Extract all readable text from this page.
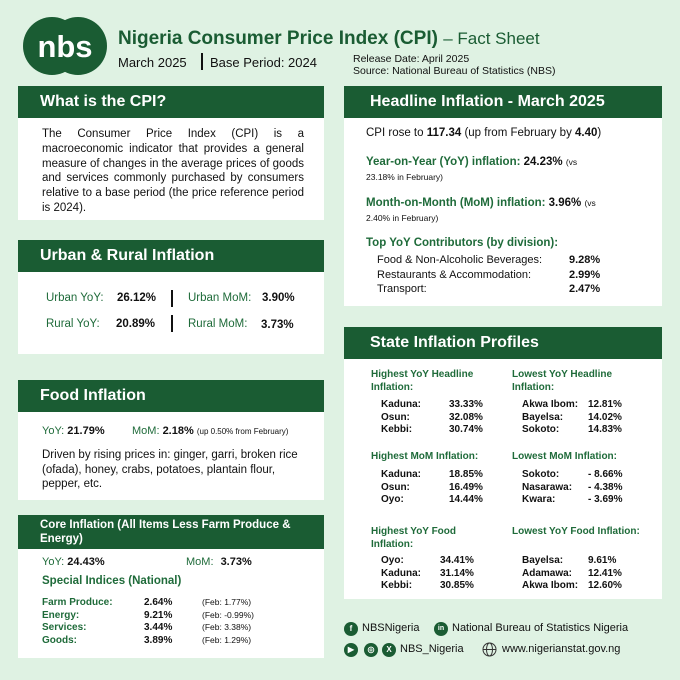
nbs Nigeria Consumer Price Index (CPI) – Fact Sheet
March 2025 Base Period: 2024	Release Date: April 2025
Source: National Bureau of Statistics (NBS)
What is the CPI?
The Consumer Price Index (CPI) is a macroeconomic indicator that provides a general measure of changes in the average prices of goods and services commonly purchased by consumers relative to a base period (the price reference period is 2024).
Urban & Rural Inflation
Urban YoY: 26.12%	Urban MoM: 3.90%
Rural YoY: 20.89%	Rural MoM: 3.73%
Food Inflation
YoY: 21.79% MoM: 2.18% (up 0.50% from February)
Driven by rising prices in: ginger, garri, broken rice (ofada), honey, crabs, potatoes, plantain flour, pepper, etc.
Core Inflation (All Items Less Farm Produce & Energy)
YoY: 24.43%	MoM: 3.73%
Special Indices (National)
Farm Produce:	2.64%	(Feb: 1.77%)
Energy:	9.21%	(Feb: -0.99%)
Services:	3.44%	(Feb: 3.38%)
Goods:	3.89%	(Feb: 1.29%)
Headline Inflation - March 2025
CPI rose to 117.34 (up from February by 4.40)
Year-on-Year (YoY) inflation: 24.23% (vs
23.18% in February)
Month-on-Month (MoM) inflation: 3.96% (vs
2.40% in February)
Top YoY Contributors (by division):
Food & Non-Alcoholic Beverages: 9.28%
Restaurants & Accommodation:	2.99%
Transport:	2.47%
State Inflation Profiles
Highest YoY Headline Inflation:
Kaduna:	33.33%
Osun:	32.08%
Kebbi:	30.74%
Lowest YoY Headline Inflation:
Akwa Ibom: 12.81%
Bayelsa: 14.02%
Sokoto:	14.83%
Highest MoM Inflation:
Kaduna:	18.85%
Osun:	16.49%
Oyo:	14.44%
Lowest MoM Inflation:
Sokoto:	- 8.66%
Nasarawa: - 4.38%
Kwara:	- 3.69%
Highest YoY Food Inflation:
Oyo:	34.41%
Kaduna: 31.14%
Kebbi:	30.85%
Lowest YoY Food Inflation:
Bayelsa: 9.61%
Adamawa: 12.41%
Akwa Ibom: 12.60%
f NBSNigeria	in National Bureau of Statistics Nigeria
▶	◎	X NBS_Nigeria	www.nigerianstat.gov.ng
